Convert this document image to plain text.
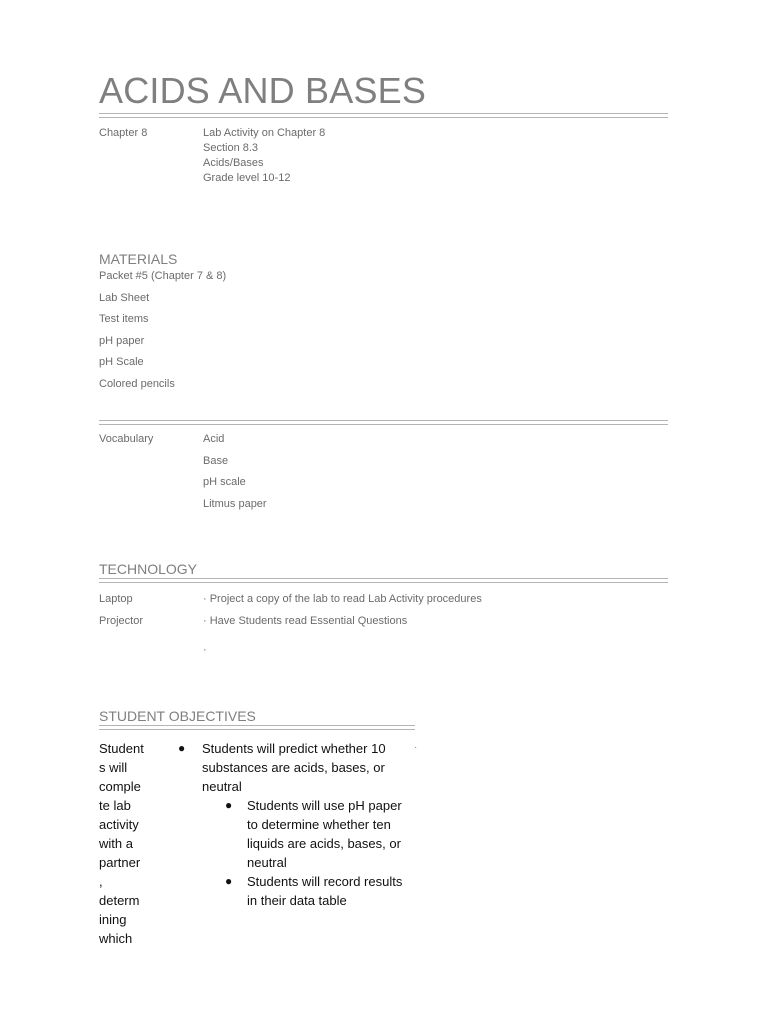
ACIDS AND BASES
Chapter 8	Lab Activity on Chapter 8
Section 8.3
Acids/Bases
Grade level 10-12
MATERIALS
Packet #5 (Chapter 7 & 8)
Lab Sheet
Test items
pH paper
pH Scale
Colored pencils
Vocabulary	Acid
Base
pH scale
Litmus paper
TECHNOLOGY
Laptop
Projector
· Project a copy of the lab to read Lab Activity procedures
· Have Students read Essential Questions
·
STUDENT OBJECTIVES
Student
s will
comple
te lab
activity
with a
partner
,
determ
ining
which
● Students will predict whether 10
substances are acids, bases, or
neutral
● Students will use pH paper
to determine whether ten
liquids are acids, bases, or
neutral
● Students will record results
in their data table
·
